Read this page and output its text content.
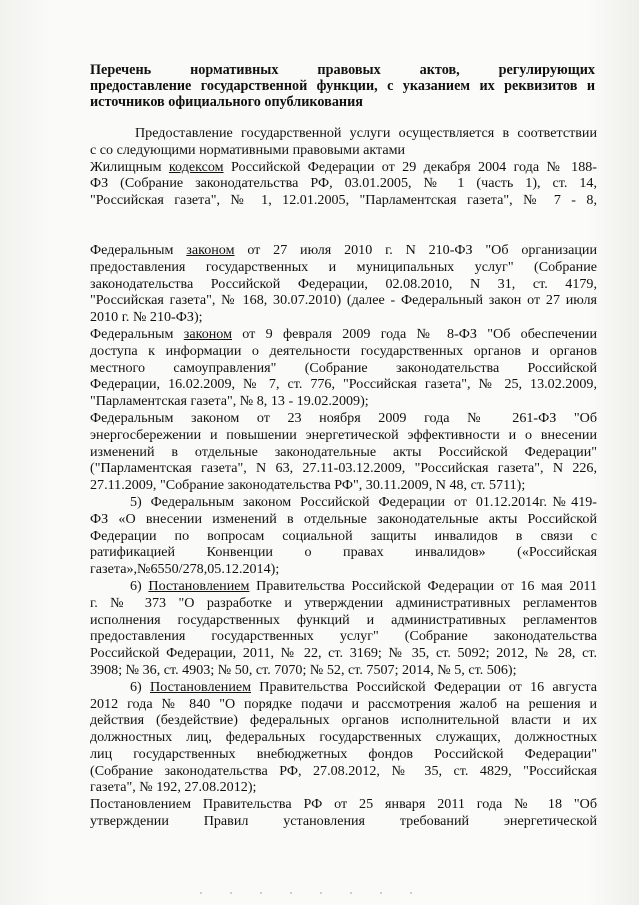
Перечень нормативных правовых актов, регулирующих
предоставление государственной функции, с указанием их реквизитов и
источников официального опубликования
Предоставление государственной услуги осуществляется в соответствии
с со следующими нормативными правовыми актами
Жилищным кодексом Российской Федерации от 29 декабря 2004 года № 188-
ФЗ (Собрание законодательства РФ, 03.01.2005, № 1 (часть 1), ст. 14,
"Российская газета", № 1, 12.01.2005, "Парламентская газета", № 7 - 8,
Федеральным законом от 27 июля 2010 г. N 210-ФЗ "Об организации
предоставления государственных и муниципальных услуг" (Собрание
законодательства Российской Федерации, 02.08.2010, N 31, ст. 4179,
"Российская газета", № 168, 30.07.2010) (далее - Федеральный закон от 27 июля
2010 г. № 210-ФЗ);
Федеральным законом от 9 февраля 2009 года № 8-ФЗ "Об обеспечении
доступа к информации о деятельности государственных органов и органов
местного самоуправления" (Собрание законодательства Российской
Федерации, 16.02.2009, № 7, ст. 776, "Российская газета", № 25, 13.02.2009,
"Парламентская газета", № 8, 13 - 19.02.2009);
Федеральным законом от 23 ноября 2009 года № 261-ФЗ "Об
энергосбережении и повышении энергетической эффективности и о внесении
изменений в отдельные законодательные акты Российской Федерации"
("Парламентская газета", N 63, 27.11-03.12.2009, "Российская газета", N 226,
27.11.2009, "Собрание законодательства РФ", 30.11.2009, N 48, ст. 5711);
5) Федеральным законом Российской Федерации от 01.12.2014г.№419-
ФЗ «О внесении изменений в отдельные законодательные акты Российской
Федерации по вопросам социальной защиты инвалидов в связи с
ратификацией Конвенции о правах инвалидов» («Российская
газета»,№6550/278,05.12.2014);
6) Постановлением Правительства Российской Федерации от 16 мая 2011
г. № 373 "О разработке и утверждении административных регламентов
исполнения государственных функций и административных регламентов
предоставления государственных услуг" (Собрание законодательства
Российской Федерации, 2011, № 22, ст. 3169; № 35, ст. 5092; 2012, № 28, ст.
3908; № 36, ст. 4903; № 50, ст. 7070; № 52, ст. 7507; 2014, № 5, ст. 506);
6) Постановлением Правительства Российской Федерации от 16 августа
2012 года № 840 "О порядке подачи и рассмотрения жалоб на решения и
действия (бездействие) федеральных органов исполнительной власти и их
должностных лиц, федеральных государственных служащих, должностных
лиц государственных внебюджетных фондов Российской Федерации"
(Собрание законодательства РФ, 27.08.2012, № 35, ст. 4829, "Российская
газета", № 192, 27.08.2012);
Постановлением Правительства РФ от 25 января 2011 года № 18 "Об
утверждении Правил установления требований энергетической
